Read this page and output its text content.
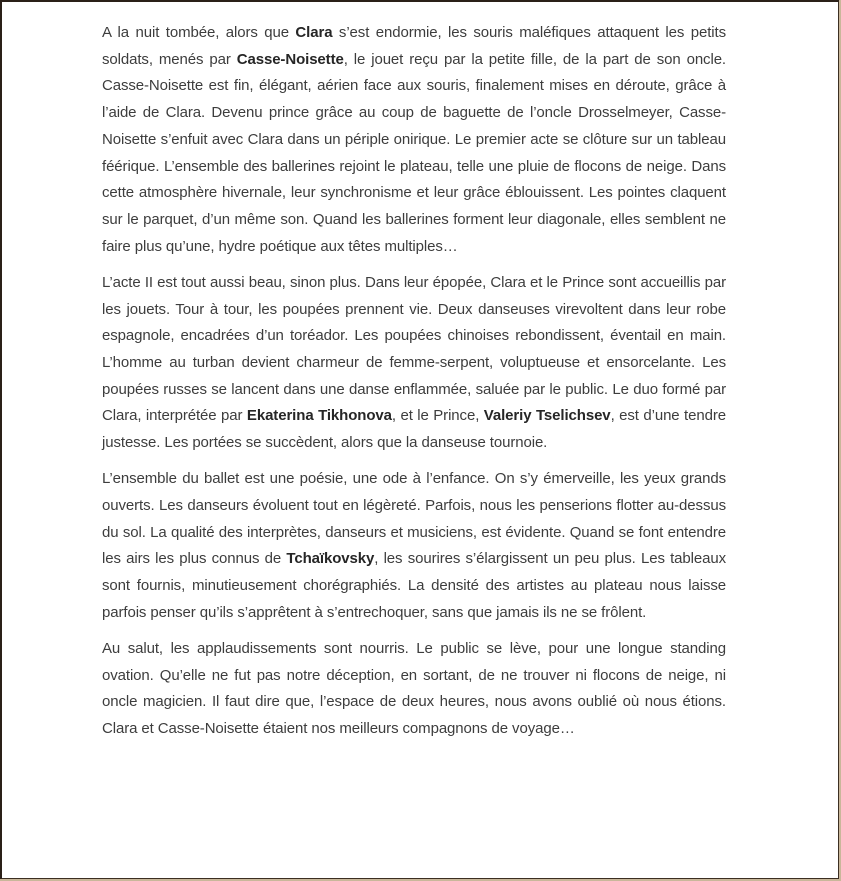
A la nuit tombée, alors que Clara s’est endormie, les souris maléfiques attaquent les petits soldats, menés par Casse-Noisette, le jouet reçu par la petite fille, de la part de son oncle. Casse-Noisette est fin, élégant, aérien face aux souris, finalement mises en déroute, grâce à l’aide de Clara. Devenu prince grâce au coup de baguette de l’oncle Drosselmeyer, Casse-Noisette s’enfuit avec Clara dans un périple onirique. Le premier acte se clôture sur un tableau féérique. L’ensemble des ballerines rejoint le plateau, telle une pluie de flocons de neige. Dans cette atmosphère hivernale, leur synchronisme et leur grâce éblouissent. Les pointes claquent sur le parquet, d’un même son. Quand les ballerines forment leur diagonale, elles semblent ne faire plus qu’une, hydre poétique aux têtes multiples…

L’acte II est tout aussi beau, sinon plus. Dans leur épopée, Clara et le Prince sont accueillis par les jouets. Tour à tour, les poupées prennent vie. Deux danseuses virevoltent dans leur robe espagnole, encadrées d’un toréador. Les poupées chinoises rebondissent, éventail en main. L’homme au turban devient charmeur de femme-serpent, voluptueuse et ensorcelante. Les poupées russes se lancent dans une danse enflammée, saluée par le public. Le duo formé par Clara, interprétée par Ekaterina Tikhonova, et le Prince, Valeriy Tselichsev, est d’une tendre justesse. Les portées se succèdent, alors que la danseuse tournoie.

L’ensemble du ballet est une poésie, une ode à l’enfance. On s’y émerveille, les yeux grands ouverts. Les danseurs évoluent tout en légèreté. Parfois, nous les penserions flotter au-dessus du sol. La qualité des interprètes, danseurs et musiciens, est évidente. Quand se font entendre les airs les plus connus de Tchaïkovsky, les sourires s’élargissent un peu plus. Les tableaux sont fournis, minutieusement chorégraphiés. La densité des artistes au plateau nous laisse parfois penser qu’ils s’apprêtent à s’entrechoquer, sans que jamais ils ne se frôlent.

Au salut, les applaudissements sont nourris. Le public se lève, pour une longue standing ovation. Qu’elle ne fut pas notre déception, en sortant, de ne trouver ni flocons de neige, ni oncle magicien. Il faut dire que, l’espace de deux heures, nous avons oublié où nous étions. Clara et Casse-Noisette étaient nos meilleurs compagnons de voyage…
